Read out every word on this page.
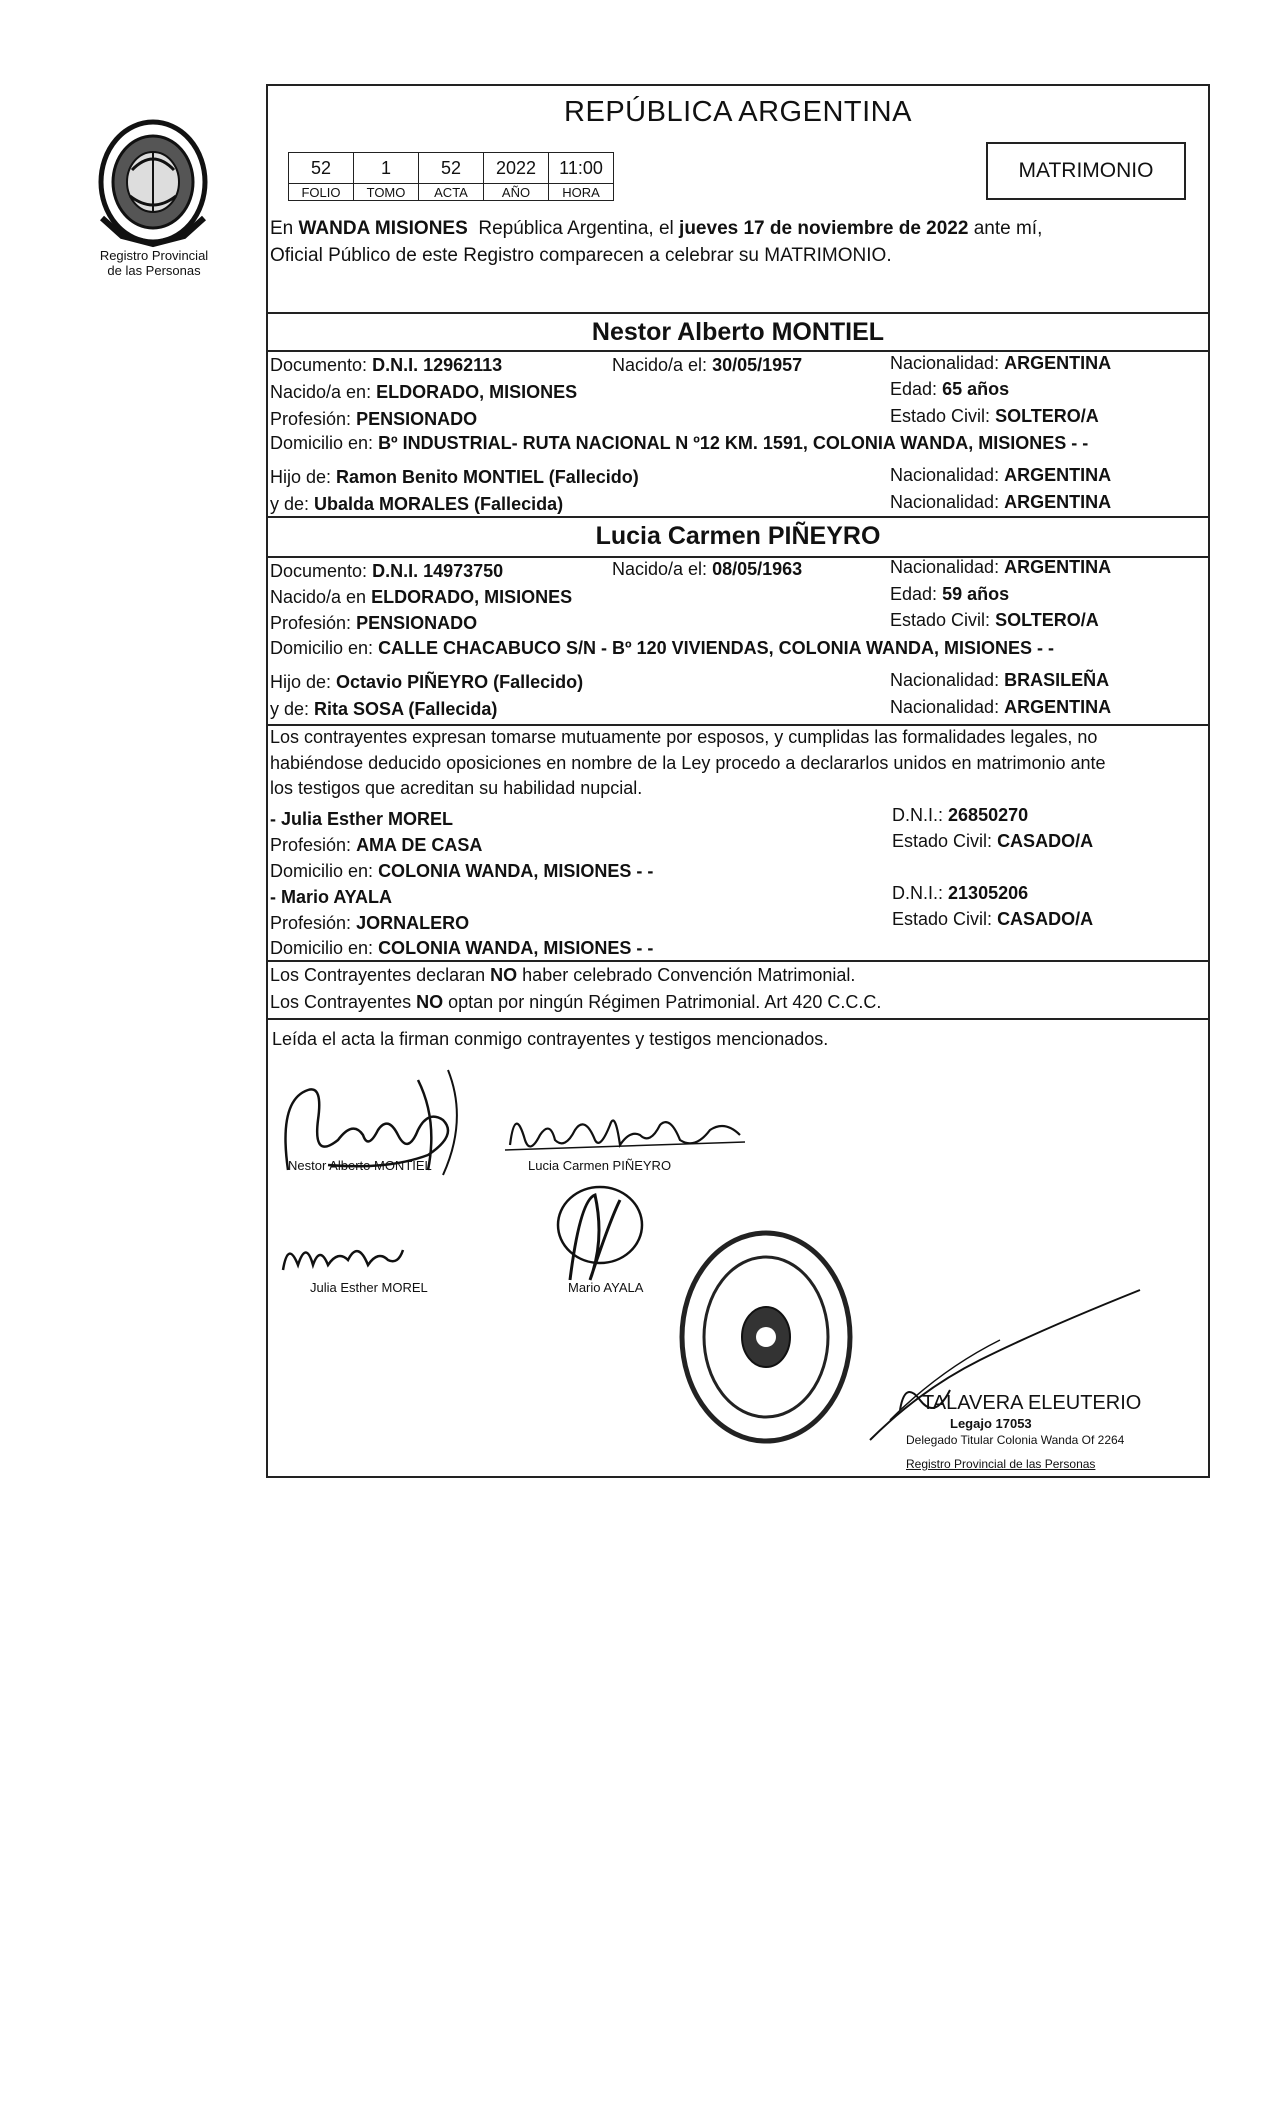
Registro Provincial
de las Personas
REPÚBLICA ARGENTINA
52	1	52	2022	11:00
FOLIO	TOMO	ACTA	AÑO	HORA
MATRIMONIO
En WANDA MISIONES República Argentina, el jueves 17 de noviembre de 2022 ante mí,
Oficial Público de este Registro comparecen a celebrar su MATRIMONIO.
Nestor Alberto MONTIEL
Documento: D.N.I. 12962113	Nacido/a el: 30/05/1957	Nacionalidad: ARGENTINA
Nacido/a en: ELDORADO, MISIONES	Edad: 65 años
Profesión: PENSIONADO	Estado Civil: SOLTERO/A
Domicilio en: Bº INDUSTRIAL- RUTA NACIONAL N º12 KM. 1591, COLONIA WANDA, MISIONES - -
Hijo de: Ramon Benito MONTIEL (Fallecido)	Nacionalidad: ARGENTINA
y de: Ubalda MORALES (Fallecida)	Nacionalidad: ARGENTINA
Lucia Carmen PIÑEYRO
Documento: D.N.I. 14973750	Nacido/a el: 08/05/1963	Nacionalidad: ARGENTINA
Nacido/a en ELDORADO, MISIONES	Edad: 59 años
Profesión: PENSIONADO	Estado Civil: SOLTERO/A
Domicilio en: CALLE CHACABUCO S/N - Bº 120 VIVIENDAS, COLONIA WANDA, MISIONES - -
Hijo de: Octavio PIÑEYRO (Fallecido)	Nacionalidad: BRASILEÑA
y de: Rita SOSA (Fallecida)	Nacionalidad: ARGENTINA
Los contrayentes expresan tomarse mutuamente por esposos, y cumplidas las formalidades legales, no
habiéndose deducido oposiciones en nombre de la Ley procedo a declararlos unidos en matrimonio ante
los testigos que acreditan su habilidad nupcial.
- Julia Esther MOREL	D.N.I.: 26850270
Profesión: AMA DE CASA	Estado Civil: CASADO/A
Domicilio en: COLONIA WANDA, MISIONES - -
- Mario AYALA	D.N.I.: 21305206
Profesión: JORNALERO	Estado Civil: CASADO/A
Domicilio en: COLONIA WANDA, MISIONES - -
Los Contrayentes declaran NO haber celebrado Convención Matrimonial.
Los Contrayentes NO optan por ningún Régimen Patrimonial. Art 420 C.C.C.
Leída el acta la firman conmigo contrayentes y testigos mencionados.
Nestor Alberto MONTIEL	Lucia Carmen PIÑEYRO
Julia Esther MOREL	Mario AYALA
TALAVERA ELEUTERIO
Legajo 17053
Delegado Titular Colonia Wanda Of 2264
Registro Provincial de las Personas
